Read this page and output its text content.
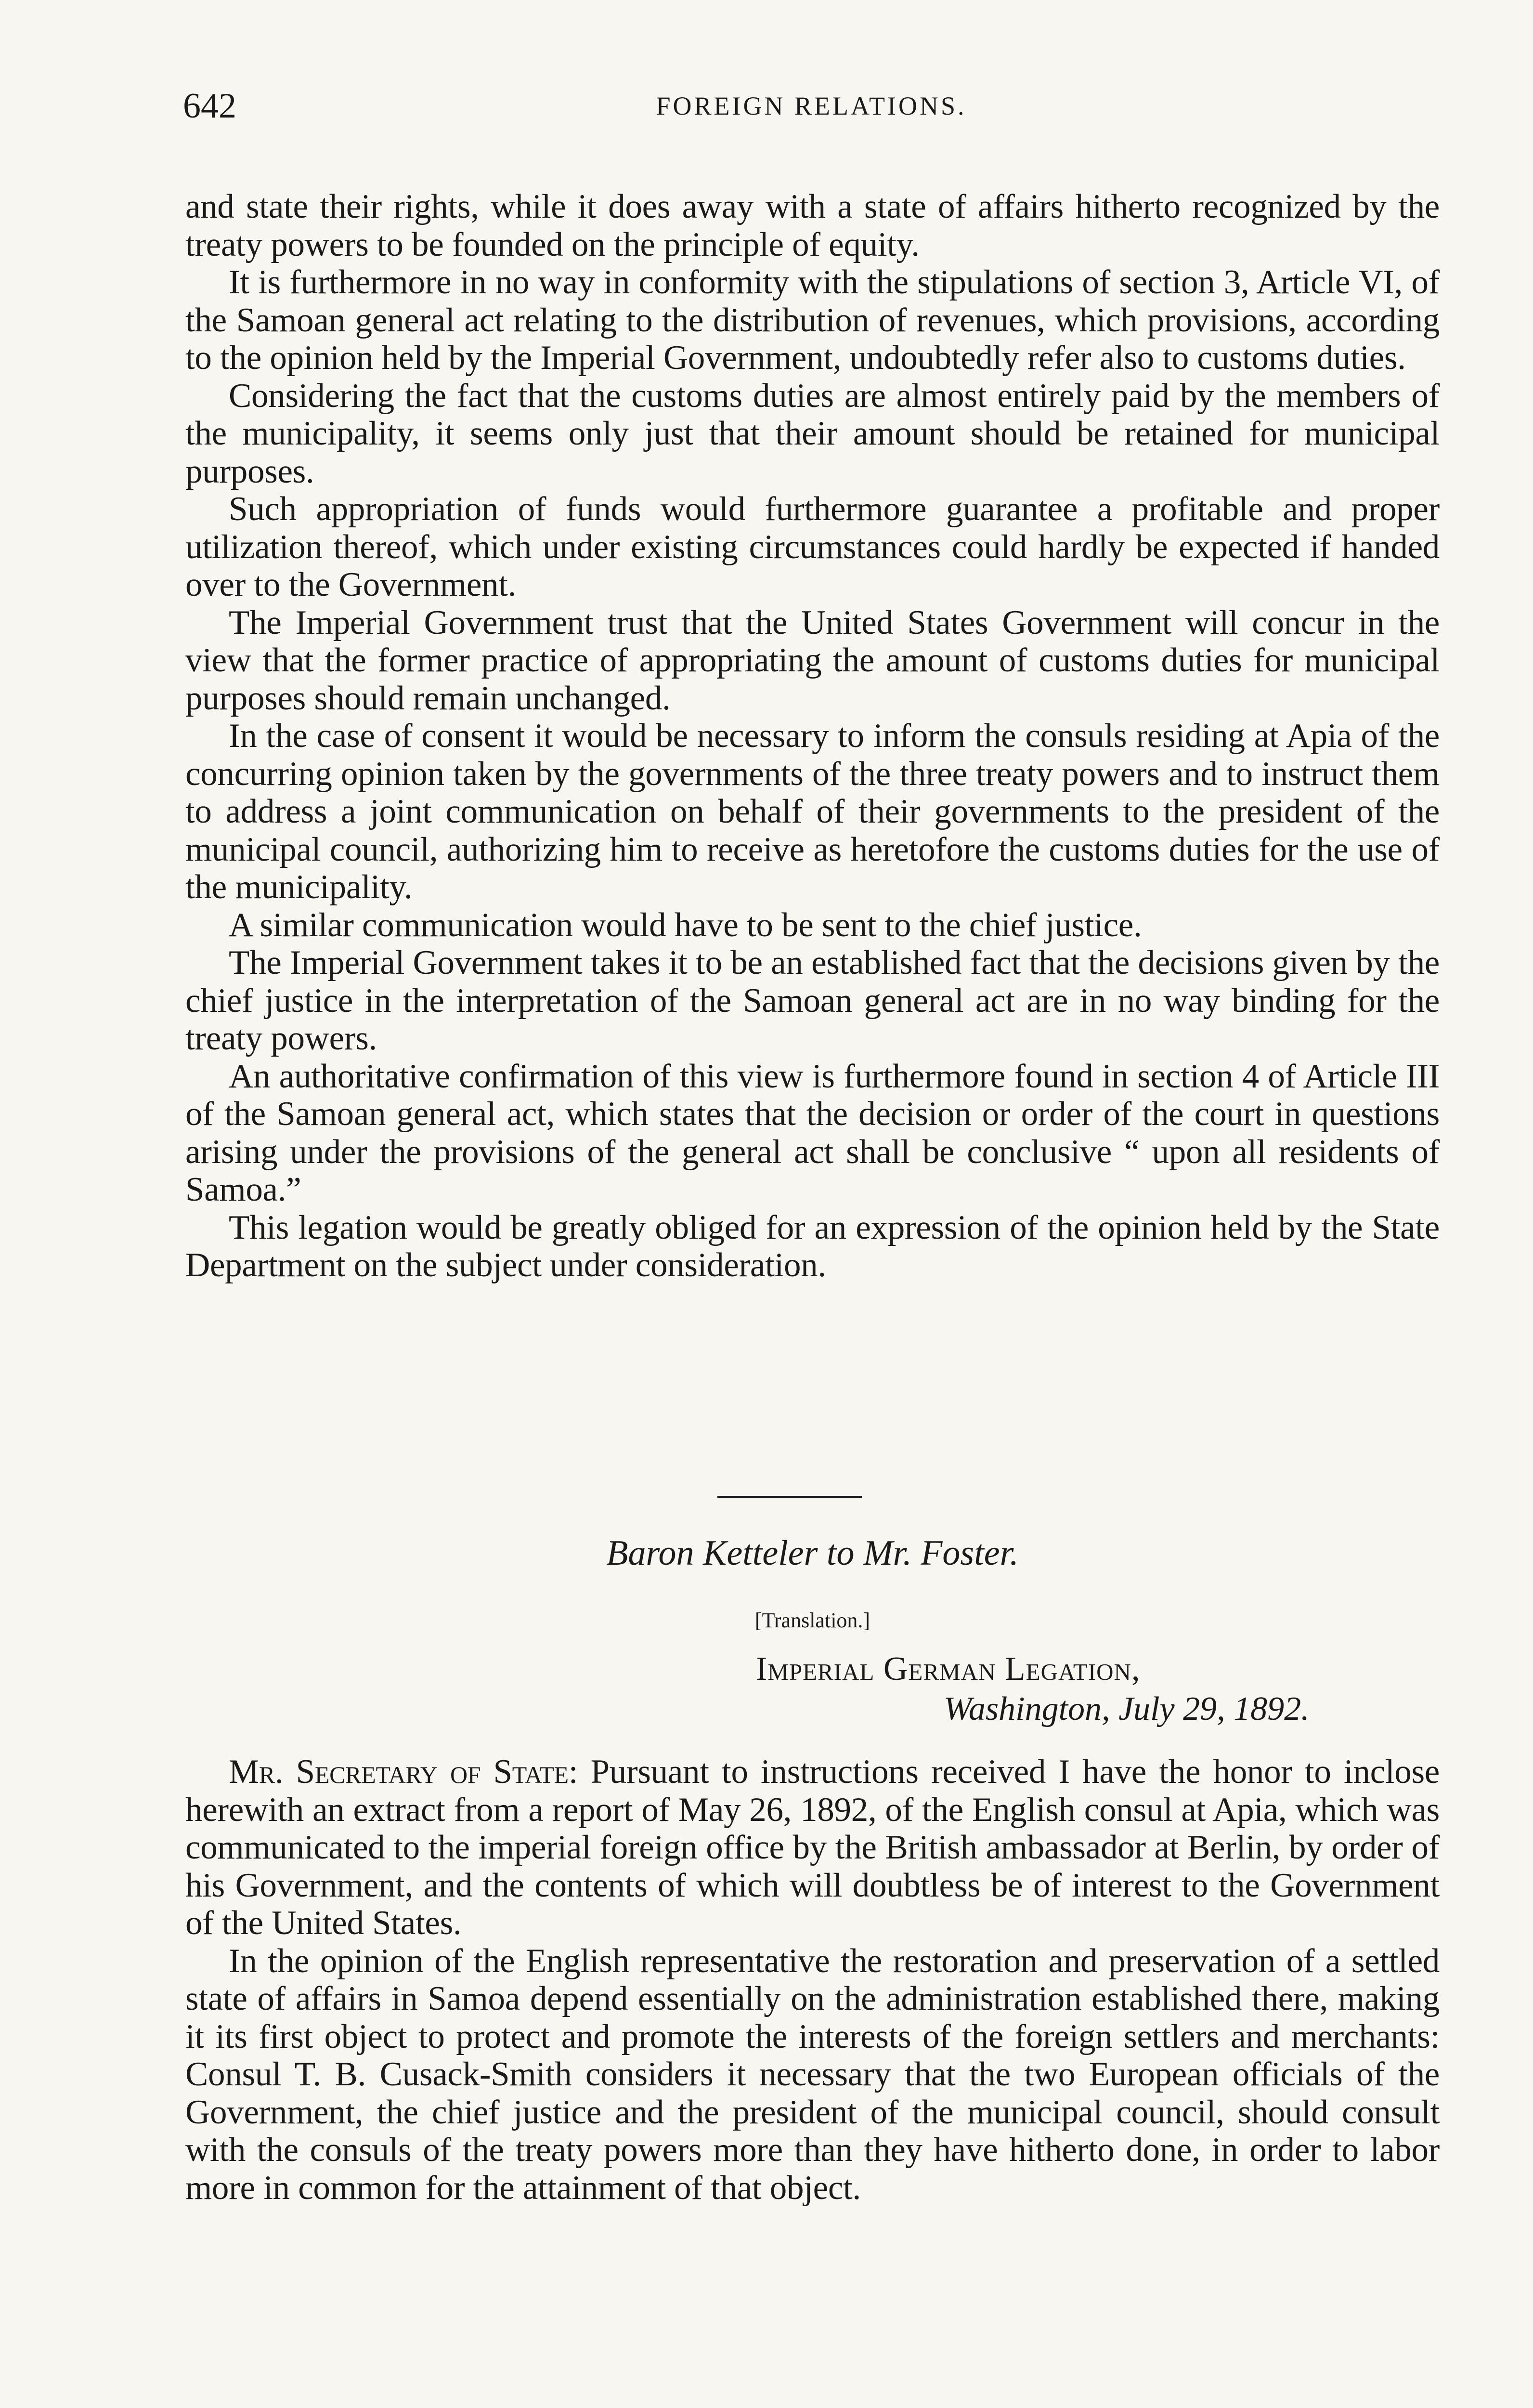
642	FOREIGN RELATIONS.

and state their rights, while it does away with a state of affairs hitherto recognized by the treaty powers to be founded on the principle of equity.

It is furthermore in no way in conformity with the stipulations of section 3, Article VI, of the Samoan general act relating to the distribution of revenues, which provisions, according to the opinion held by the Imperial Government, undoubtedly refer also to customs duties.

Considering the fact that the customs duties are almost entirely paid by the members of the municipality, it seems only just that their amount should be retained for municipal purposes.

Such appropriation of funds would furthermore guarantee a profitable and proper utilization thereof, which under existing circumstances could hardly be expected if handed over to the Government.

The Imperial Government trust that the United States Government will concur in the view that the former practice of appropriating the amount of customs duties for municipal purposes should remain unchanged.

In the case of consent it would be necessary to inform the consuls residing at Apia of the concurring opinion taken by the governments of the three treaty powers and to instruct them to address a joint communication on behalf of their governments to the president of the municipal council, authorizing him to receive as heretofore the customs duties for the use of the municipality.

A similar communication would have to be sent to the chief justice.

The Imperial Government takes it to be an established fact that the decisions given by the chief justice in the interpretation of the Samoan general act are in no way binding for the treaty powers.

An authoritative confirmation of this view is furthermore found in section 4 of Article III of the Samoan general act, which states that the decision or order of the court in questions arising under the provisions of the general act shall be conclusive “ upon all residents of Samoa.”

This legation would be greatly obliged for an expression of the opinion held by the State Department on the subject under consideration.

Baron Ketteler to Mr. Foster.
[Translation.]
Imperial German Legation,
Washington, July 29, 1892.

Mr. Secretary of State: Pursuant to instructions received I have the honor to inclose herewith an extract from a report of May 26, 1892, of the English consul at Apia, which was communicated to the imperial foreign office by the British ambassador at Berlin, by order of his Government, and the contents of which will doubtless be of interest to the Government of the United States.

In the opinion of the English representative the restoration and preservation of a settled state of affairs in Samoa depend essentially on the administration established there, making it its first object to protect and promote the interests of the foreign settlers and merchants: Consul T. B. Cusack-Smith considers it necessary that the two European officials of the Government, the chief justice and the president of the municipal council, should consult with the consuls of the treaty powers more than they have hitherto done, in order to labor more in common for the attainment of that object.
